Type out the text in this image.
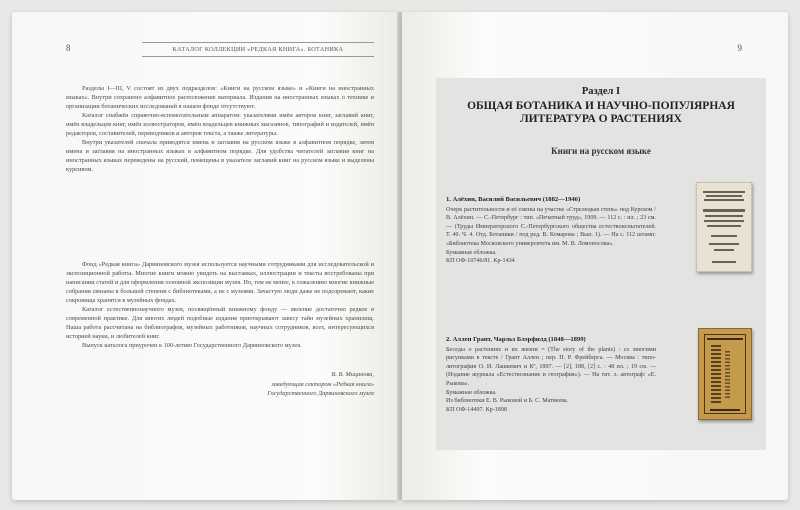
8	КАТАЛОГ КОЛЛЕКЦИИ «РЕДКАЯ КНИГА». БОТАНИКА

Разделы I—III, V состоят из двух подразделов: «Книги на русском языке» и «Книги на иностранных языках». Внутри сохранено алфавитное расположение материала. Издания на иностранных языках о технике и организации ботанических исследований в нашем фонде отсутствуют.

Каталог снабжён справочно-вспомогательным аппаратом: указателями имён авторов книг, заглавий книг, имён владельцев книг, имён иллюстраторов, имён владельцев книжных магазинов, типографий и издателей, имён редакторов, составителей, переводчиков и авторов текста, а также литературы.

Внутри указателей сначала приводятся имена и заглавия на русском языке в алфавитном порядке, затем имена и заглавия на иностранных языках в алфавитном порядке. Для удобства читателей заглавия книг на иностранных языках переведены на русский, помещены в указателе заглавий книг на русском языке и выделены курсивом.

Фонд «Редкая книга» Дарвиновского музея используется научными сотрудниками для исследовательской и экспозиционной работы. Многие книги можно увидеть на выставках, иллюстрации и тексты востребованы при написании статей и для оформления основной экспозиции музея. Но, тем не менее, к сожалению многие книжные собрания связаны в большей степени с библиотеками, а не с музеями. Зачастую люди даже не подозревают, какие сокровища хранятся в музейных фондах.

Каталог естественнонаучного музея, посвящённый книжному фонду — явление достаточно редкое в современной практике. Для многих людей подобные издания приоткрывают завесу тайн музейных хранилищ. Наша работа рассчитана на библиографов, музейных работников, научных сотрудников, всех, интересующихся историей науки, и любителей книг.

Выпуск каталога приурочен к 100-летию Государственного Дарвиновского музея.

В. В. Мицанова,
заведующая сектором «Редкая книга»
Государственного Дарвиновского музея
9
Раздел I
ОБЩАЯ БОТАНИКА И НАУЧНО-ПОПУЛЯРНАЯ
ЛИТЕРАТУРА О РАСТЕНИЯХ
Книги на русском языке
1. Алёхин, Василий Васильевич (1882—1946)
Очерк растительности и её смены на участке «Стрелецкая степь» под Курском / В. Алёхин. — С.-Петербург : тип. «Печатный труд», 1909. — 112 с. : ил. ; 23 см. — (Труды Императорского С.-Петербургского общества естествоиспытателей. Т. 40. Ч. 4. Отд. Ботаники / под ред. В. Комарова ; Вып. 1). — На с. 112 штамп: «Библиотека Московского университета им. М. В. Ломоносова».
Бумажная обложка.
КП ОФ-10746/81. Кр-1434
2. Аллен Грант, Чарльз Блэрфилд (1848—1899)
Беседы о растениях и их жизни = (The story of the plants) : со многими рисунками в тексте / Грант Аллен ; пер. П. Р. Фрейберга. — Москва : типо-литография О. И. Лашкевич и Кº, 1897. — [2], 188, [2] с. : 48 ил. ; 19 см. — (Издание журнала «Естествознание и география»). — На тит. л. автограф: «Е. Рыкова».
Бумажная обложка.
Из библиотеки Е. В. Рыковой и Б. С. Матвеева.
КП ОФ-14497. Кр-1898
